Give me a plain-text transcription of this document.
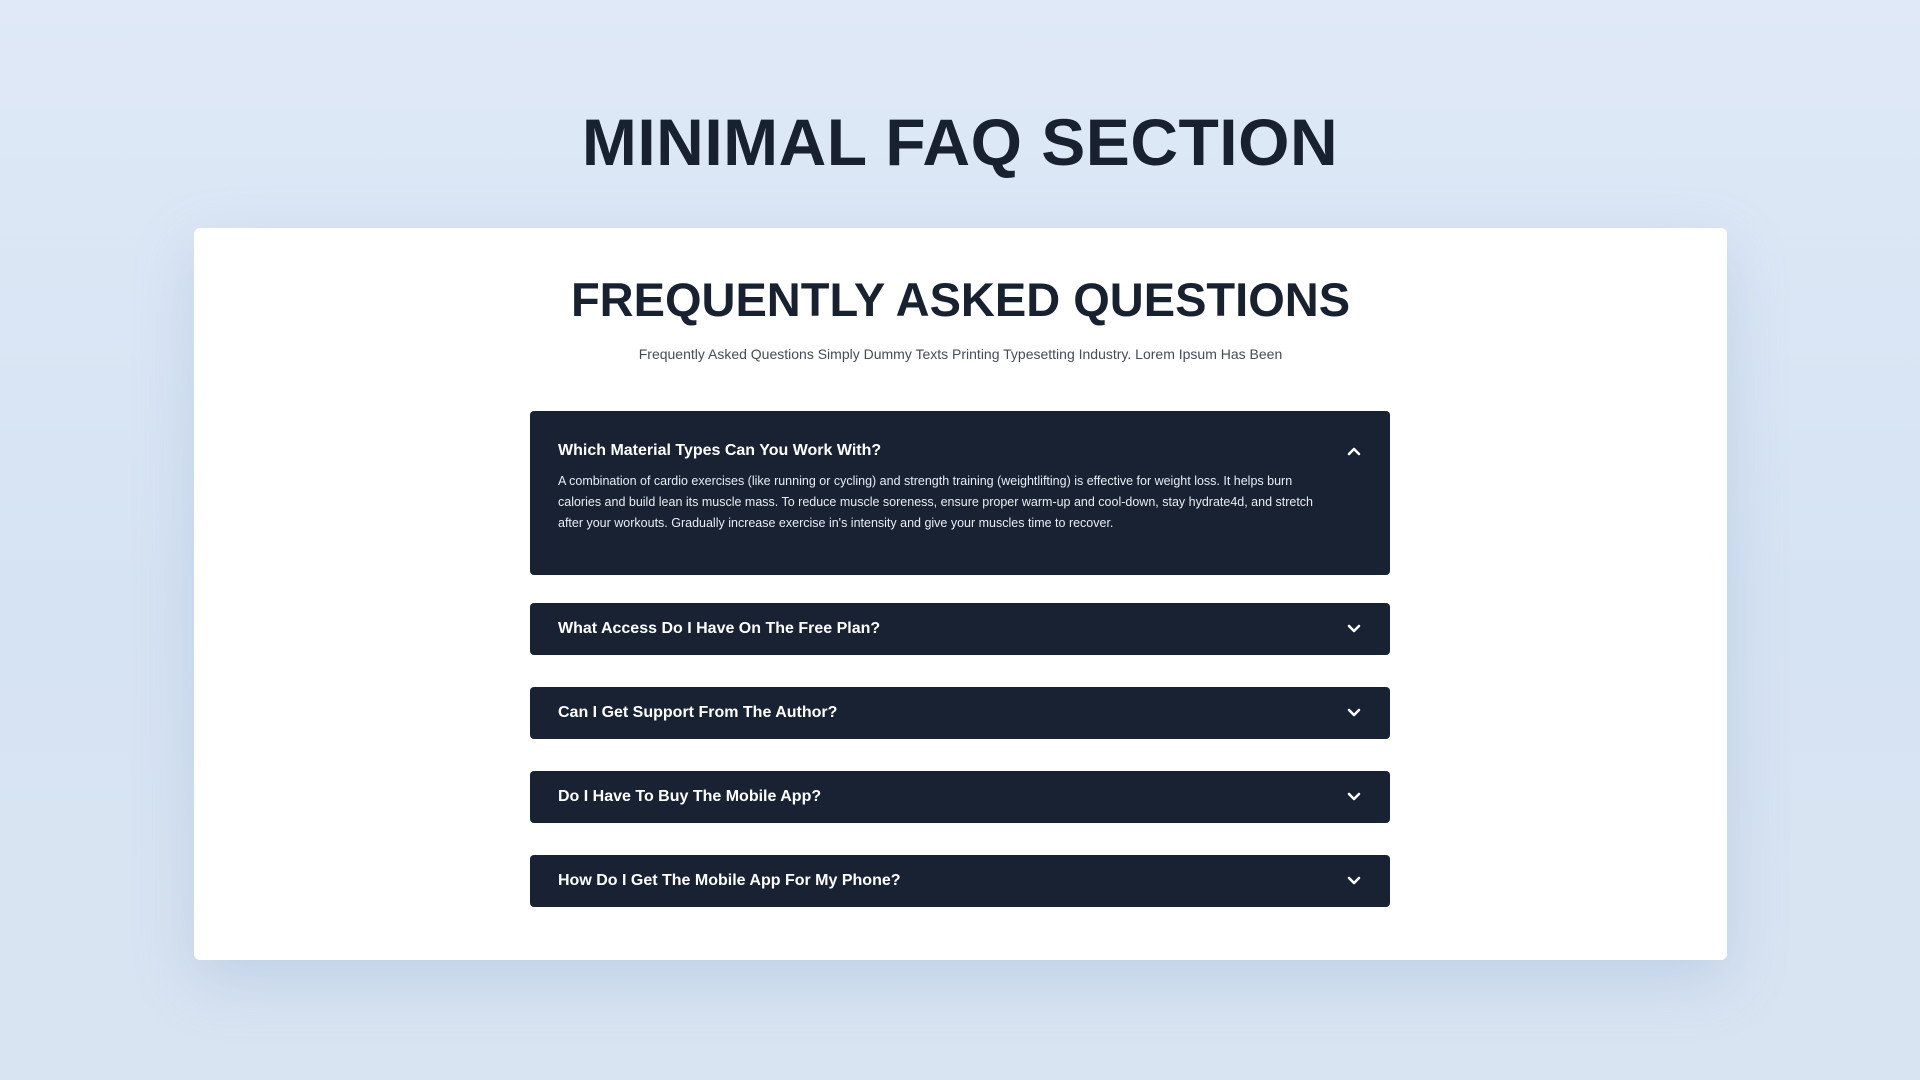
MINIMAL FAQ SECTION
FREQUENTLY ASKED QUESTIONS

Frequently Asked Questions Simply Dummy Texts Printing Typesetting Industry. Lorem Ipsum Has Been

Which Material Types Can You Work With?
A combination of cardio exercises (like running or cycling) and strength training (weightlifting) is effective for weight loss. It helps burn calories and build lean its muscle mass. To reduce muscle soreness, ensure proper warm-up and cool-down, stay hydrate4d, and stretch after your workouts. Gradually increase exercise in's intensity and give your muscles time to recover.
What Access Do I Have On The Free Plan?
Can I Get Support From The Author?
Do I Have To Buy The Mobile App?
How Do I Get The Mobile App For My Phone?
